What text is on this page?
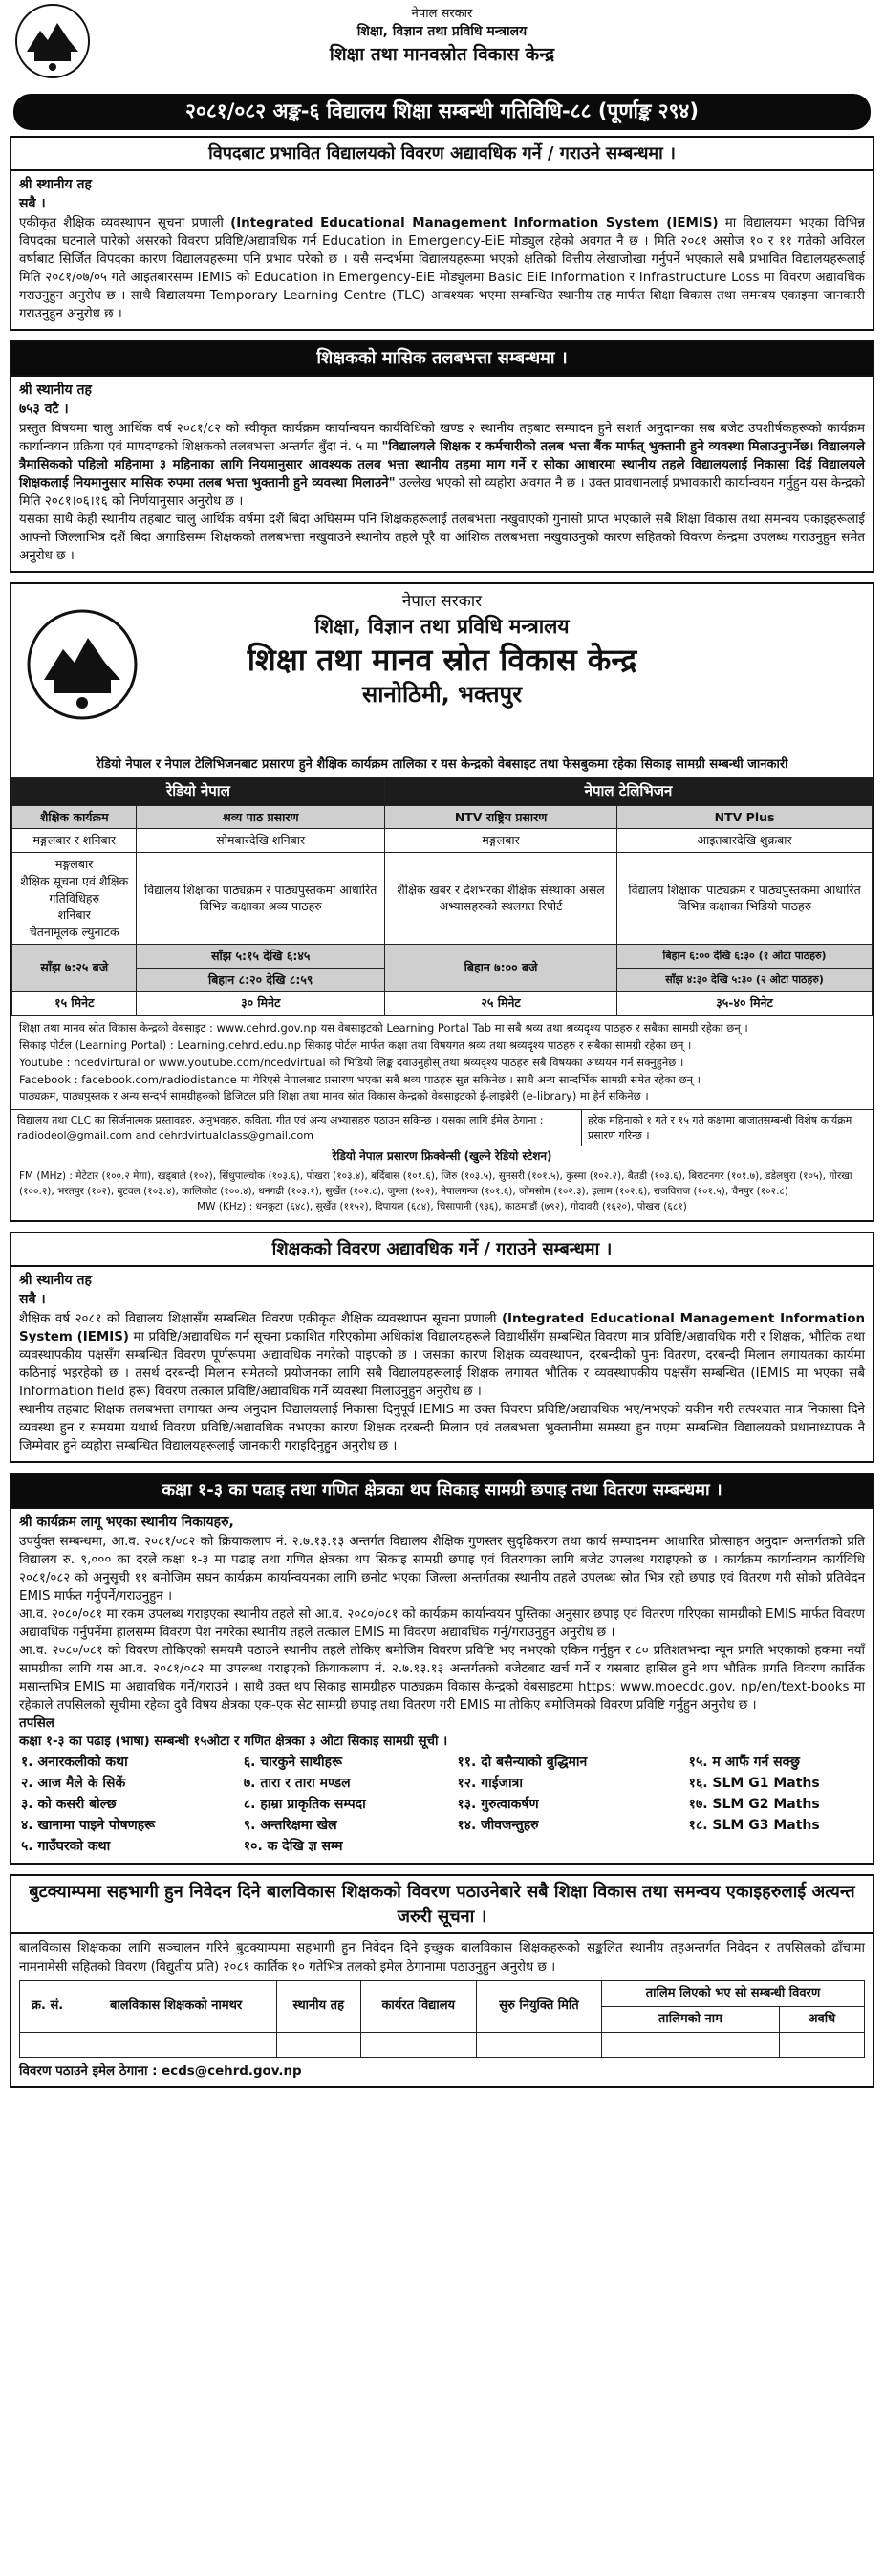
नेपाल सरकार
शिक्षा, विज्ञान तथा प्रविधि मन्त्रालय
शिक्षा तथा मानवस्रोत विकास केन्द्र
२०८१/०८२ अङ्क-६ विद्यालय शिक्षा सम्बन्धी गतिविधि-८८ (पूर्णाङ्क २९४)
विपदबाट प्रभावित विद्यालयको विवरण अद्यावधिक गर्ने / गराउने सम्बन्धमा ।
श्री स्थानीय तह
सबै ।

एकीकृत शैक्षिक व्यवस्थापन सूचना प्रणाली (Integrated Educational Management Information System (IEMIS) मा विद्यालयमा भएका विभिन्न विपदका घटनाले पारेको असरको विवरण प्रविष्टि/अद्यावधिक गर्न Education in Emergency-EiE मोड्युल रहेको अवगत नै छ । मिति २०८१ असोज १० र ११ गतेको अविरल वर्षाबाट सिर्जित विपदका कारण विद्यालयहरूमा पनि प्रभाव परेको छ । यसै सन्दर्भमा विद्यालयहरूमा भएको क्षतिको वित्तीय लेखाजोखा गर्नुपर्ने भएकाले सबै प्रभावित विद्यालयहरूलाई मिति २०८१/०७/०५ गते आइतबारसम्म IEMIS को Education in Emergency-EiE मोड्युलमा Basic EiE Information र Infrastructure Loss मा विवरण अद्यावधिक गराउनुहुन अनुरोध छ । साथै विद्यालयमा Temporary Learning Centre (TLC) आवश्यक भएमा सम्बन्धित स्थानीय तह मार्फत शिक्षा विकास तथा समन्वय एकाइमा जानकारी गराउनुहुन अनुरोध छ ।

शिक्षकको मासिक तलबभत्ता सम्बन्धमा ।
श्री स्थानीय तह
७५३ वटै ।

प्रस्तुत विषयमा चालु आर्थिक वर्ष २०८१/८२ को स्वीकृत कार्यक्रम कार्यान्वयन कार्यविधिको खण्ड २ स्थानीय तहबाट सम्पादन हुने सशर्त अनुदानका सब बजेट उपशीर्षकहरूको कार्यक्रम कार्यान्वयन प्रक्रिया एवं मापदण्डको शिक्षकको तलबभत्ता अन्तर्गत बुँदा नं. ५ मा "विद्यालयले शिक्षक र कर्मचारीको तलब भत्ता बैंक मार्फत् भुक्तानी हुने व्यवस्था मिलाउनुपर्नेछ। विद्यालयले त्रैमासिकको पहिलो महिनामा ३ महिनाका लागि नियमानुसार आवश्यक तलब भत्ता स्थानीय तहमा माग गर्ने र सोका आधारमा स्थानीय तहले विद्यालयलाई निकासा दिई विद्यालयले शिक्षकलाई नियमानुसार मासिक रुपमा तलब भत्ता भुक्तानी हुने व्यवस्था मिलाउने" उल्लेख भएको सो व्यहोरा अवगत नै छ । उक्त प्रावधानलाई प्रभावकारी कार्यान्वयन गर्नुहुन यस केन्द्रको मिति २०८१।०६।१६ को निर्णयानुसार अनुरोध छ ।

यसका साथै केही स्थानीय तहबाट चालु आर्थिक वर्षमा दशैं बिदा अघिसम्म पनि शिक्षकहरूलाई तलबभत्ता नखुवाएको गुनासो प्राप्त भएकाले सबै शिक्षा विकास तथा समन्वय एकाइहरूलाई आफ्नो जिल्लाभित्र दशैं बिदा अगाडिसम्म शिक्षकको तलबभत्ता नखुवाउने स्थानीय तहले पूरै वा आंशिक तलबभत्ता नखुवाउनुको कारण सहितको विवरण केन्द्रमा उपलब्ध गराउनुहुन समेत अनुरोध छ ।

नेपाल सरकार
शिक्षा, विज्ञान तथा प्रविधि मन्त्रालय
शिक्षा तथा मानव स्रोत विकास केन्द्र
सानोठिमी, भक्तपुर
रेडियो नेपाल र नेपाल टेलिभिजनबाट प्रसारण हुने शैक्षिक कार्यक्रम तालिका र यस केन्द्रको वेबसाइट तथा फेसबुकमा रहेका सिकाइ सामग्री सम्बन्धी जानकारी
रेडियो नेपाल		नेपाल टेलिभिजन	
शैक्षिक कार्यक्रम	श्रव्य पाठ प्रसारण	NTV राष्ट्रिय प्रसारण	NTV Plus
मङ्गलबार र शनिबार	सोमबारदेखि शनिबार	मङ्गलबार	आइतबारदेखि शुक्रबार
मङ्गलबार
शैक्षिक सूचना एवं शैक्षिक गतिविधिहरु
शनिबार
चेतनामूलक ल्युनाटक	विद्यालय शिक्षाका पाठ्यक्रम र पाठ्यपुस्तकमा आधारित विभिन्न कक्षाका श्रव्य पाठहरु	शैक्षिक खबर र देशभरका शैक्षिक संस्थाका असल अभ्यासहरुको स्थलगत रिपोर्ट	विद्यालय शिक्षाका पाठ्यक्रम र पाठ्यपुस्तकमा आधारित विभिन्न कक्षाका भिडियो पाठहरु
साँझ ७:२५ बजे	साँझ ५:१५ देखि ६:४५	बिहान ७:०० बजे	बिहान ६:०० देखि ६:३० (१ ओटा पाठहरु)
	बिहान ८:२० देखि ८:५९		साँझ ४:३० देखि ५:३० (२ ओटा पाठहरु)
१५ मिनेट	३० मिनेट	२५ मिनेट	३५-४० मिनेट
शिक्षा तथा मानव स्रोत विकास केन्द्रको वेबसाइट : www.cehrd.gov.np यस वेबसाइटको Learning Portal Tab मा सबै श्रव्य तथा श्रव्यदृश्य पाठहरु र सबैका सामग्री रहेका छन् ।
सिकाइ पोर्टल (Learning Portal) : Learning.cehrd.edu.np सिकाइ पोर्टल मार्फत कक्षा तथा विषयगत श्रव्य तथा श्रव्यदृश्य पाठहरु र सबैका सामग्री रहेका छन् ।
Youtube : ncedvirtural or www.youtube.com/ncedvirtual को भिडियो लिङ्क दवाउनुहोस् तथा श्रव्यदृश्य पाठहरु सबै विषयका अध्ययन गर्न सक्नुहुनेछ ।
Facebook : facebook.com/radiodistance मा गेरिएसे नेपालबाट प्रसारण भएका सबै श्रव्य पाठहरु सुन्न सकिनेछ । साथै अन्य सान्दर्भिक सामग्री समेत रहेका छन् ।
पाठ्यक्रम, पाठ्यपुस्तक र अन्य सन्दर्भ सामग्रीहरुको डिजिटल प्रति शिक्षा तथा मानव स्रोत विकास केन्द्रको वेबसाइटको ई-लाइब्रेरी (e-library) मा हेर्न सकिनेछ ।
विद्यालय तथा CLC का सिर्जनात्मक प्रस्तावहरु, अनुभवहरु, कविता, गीत एवं अन्य अभ्यासहरु पठाउन सकिन्छ । यसका लागि ईमेल ठेगाना : radiodeol@gmail.com and cehrdvirtualclass@gmail.com
हरेक महिनाको १ गते र १५ गते कक्षामा बाजातसम्बन्धी विशेष कार्यक्रम प्रसारण गरिन्छ ।
रेडियो नेपाल प्रसारण फ्रिक्वेन्सी (खुल्ने रेडियो स्टेशन)
FM (MHz) : मेटेटार (१००.२ मेगा), खड्बाले (१०२), सिंधुपाल्चोक (१०३.६), पोखरा (१०३.४), बर्दिबास (१०१.६), जिरु (१०३.५), सुनसरी (१०१.५), कुस्मा (१०२.२), बैतडी (१०३.६), बिराटनगर (१०१.७), डडेलधुरा (१०५), गोरखा (१००.२), भरतपुर (१०२), बुटवल (१०३.४), कालिकोट (१००.४), धनगढी (१०३.१), सुर्खेत (१०२.८), जुम्ला (१०२), नेपालगन्ज (१०१.६), जोमसोम (१०२.३), इलाम (१०२.६), राजविराज (१०१.५), चैनपुर (१०२.८)
MW (KHz) : धनकुटा (६४८), सुर्खेत (११५२), दिपायल (६८४), चिसापानी (९३६), काठमाडौं (७९२), गोदावरी (१६२०), पोखरा (६८१)
शिक्षकको विवरण अद्यावधिक गर्ने / गराउने सम्बन्धमा ।
श्री स्थानीय तह
सबै ।

शैक्षिक वर्ष २०८१ को विद्यालय शिक्षासँग सम्बन्धित विवरण एकीकृत शैक्षिक व्यवस्थापन सूचना प्रणाली (Integrated Educational Management Information System (IEMIS) मा प्रविष्टि/अद्यावधिक गर्न सूचना प्रकाशित गरिएकोमा अधिकांश विद्यालयहरूले विद्यार्थीसँग सम्बन्धित विवरण मात्र प्रविष्टि/अद्यावधिक गरी र शिक्षक, भौतिक तथा व्यवस्थापकीय पक्षसँग सम्बन्धित विवरण पूर्णरूपमा अद्यावधिक नगरेको पाइएको छ । जसका कारण शिक्षक व्यवस्थापन, दरबन्दीको पुनः वितरण, दरबन्दी मिलान लगायतका कार्यमा कठिनाई भइरहेको छ । तसर्थ दरबन्दी मिलान समेतको प्रयोजनका लागि सबै विद्यालयहरूलाई शिक्षक लगायत भौतिक र व्यवस्थापकीय पक्षसँग सम्बन्धित (IEMIS मा भएका सबै Information field हरू) विवरण तत्काल प्रविष्टि/अद्यावधिक गर्ने व्यवस्था मिलाउनुहुन अनुरोध छ ।

स्थानीय तहबाट शिक्षक तलबभत्ता लगायत अन्य अनुदान विद्यालयलाई निकासा दिनुपूर्व IEMIS मा उक्त विवरण प्रविष्टि/अद्यावधिक भए/नभएको यकीन गरी तत्पश्चात मात्र निकासा दिने व्यवस्था हुन र समयमा यथार्थ विवरण प्रविष्टि/अद्यावधिक नभएका कारण शिक्षक दरबन्दी मिलान एवं तलबभत्ता भुक्तानीमा समस्या हुन गएमा सम्बन्धित विद्यालयको प्रधानाध्यापक नै जिम्मेवार हुने व्यहोरा सम्बन्धित विद्यालयहरूलाई जानकारी गराइदिनुहुन अनुरोध छ ।

कक्षा १-३ का पढाइ तथा गणित क्षेत्रका थप सिकाइ सामग्री छपाइ तथा वितरण सम्बन्धमा ।
श्री कार्यक्रम लागू भएका स्थानीय निकायहरु,

उपर्युक्त सम्बन्धमा, आ.व. २०८१/०८२ को क्रियाकलाप नं. २.७.१३.१३ अन्तर्गत विद्यालय शैक्षिक गुणस्तर सुदृढिकरण तथा कार्य सम्पादनमा आधारित प्रोत्साहन अनुदान अन्तर्गतको प्रति विद्यालय रु. ९,००० का दरले कक्षा १-३ मा पढाइ तथा गणित क्षेत्रका थप सिकाइ सामग्री छपाइ एवं वितरणका लागि बजेट उपलब्ध गराइएको छ । कार्यक्रम कार्यान्वयन कार्यविधि २०८१/०८२ को अनुसूची ११ बमोजिम सघन कार्यक्रम कार्यान्वयनका लागि छनोट भएका जिल्ला अन्तर्गतका स्थानीय तहले उपलब्ध स्रोत भित्र रही छपाइ एवं वितरण गरी सोको प्रतिवेदन EMIS मार्फत गर्नुपर्ने/गराउनुहुन ।

आ.व. २०८०/०८१ मा रकम उपलब्ध गराइएका स्थानीय तहले सो आ.व. २०८०/०८१ को कार्यक्रम कार्यान्वयन पुस्तिका अनुसार छपाइ एवं वितरण गरिएका सामग्रीको EMIS मार्फत विवरण अद्यावधिक गर्नुपर्नेमा हालसम्म विवरण पेश नगरेका स्थानीय तहले तत्काल EMIS मा विवरण अद्यावधिक गर्नु/गराउनुहुन अनुरोध छ ।

आ.व. २०८०/०८१ को विवरण तोकिएको समयमै पठाउने स्थानीय तहले तोकिए बमोजिम विवरण प्रविष्टि भए नभएको एकिन गर्नुहुन र ८० प्रतिशतभन्दा न्यून प्रगति भएकाको हकमा नयाँ सामग्रीका लागि यस आ.व. २०८१/०८२ मा उपलब्ध गराइएको क्रियाकलाप नं. २.७.१३.१३ अन्तर्गतको बजेटबाट खर्च गर्ने र यसबाट हासिल हुने थप भौतिक प्रगति विवरण कार्तिक मसान्तभित्र EMIS मा अद्यावधिक गर्ने/गराउने । साथै उक्त थप सिकाइ सामग्रीहरु पाठ्यक्रम विकास केन्द्रको वेबसाइटमा https: www.moecdc.gov. np/en/text-books मा रहेकाले तपसिलको सूचीमा रहेका दुवै विषय क्षेत्रका एक-एक सेट सामग्री छपाइ तथा वितरण गरी EMIS मा तोकिए बमोजिमको विवरण प्रविष्टि गर्नुहुन अनुरोध छ ।

तपसिल
कक्षा १-३ का पढाइ (भाषा) सम्बन्धी १५ओटा र गणित क्षेत्रका ३ ओटा सिकाइ सामग्री सूची ।
१. अनारकलीको कथा	६. चारकुने साथीहरू	११. दो बसैन्याको बुद्धिमान	१५. म आफैं गर्न सक्छु
२. आज मैले के सिकें	७. तारा र तारा मण्डल	१२. गाईजात्रा	१६. SLM G1 Maths
३. को कसरी बोल्छ	८. हाम्रा प्राकृतिक सम्पदा	१३. गुरुत्वाकर्षण	१७. SLM G2 Maths
४. खानामा पाइने पोषणहरू	९. अन्तरिक्षमा खेल	१४. जीवजन्तुहरु	१८. SLM G3 Maths
५. गाउँघरको कथा	१०. क देखि ज्ञ सम्म
बुटक्याम्पमा सहभागी हुन निवेदन दिने बालविकास शिक्षकको विवरण पठाउनेबारे सबै शिक्षा विकास तथा समन्वय एकाइहरुलाई अत्यन्त जरुरी सूचना ।

बालविकास शिक्षकका लागि सञ्चालन गरिने बुटक्याम्पमा सहभागी हुन निवेदन दिने इच्छुक बालविकास शिक्षकहरूको सङ्कलित स्थानीय तहअन्तर्गत निवेदन र तपसिलको ढाँचामा नामनामेसी सहितको विवरण (विद्युतीय प्रति) २०८१ कार्तिक १० गतेभित्र तलको इमेल ठेगानामा पठाउनुहुन अनुरोध छ ।

क्र. सं.	बालविकास शिक्षकको नामथर	स्थानीय तह	कार्यरत विद्यालय	सुरु नियुक्ति मिति	तालिम लिएको भए सो सम्बन्धी विवरण	
					तालिमको नाम	अवधि

विवरण पठाउने इमेल ठेगाना : ecds@cehrd.gov.np
